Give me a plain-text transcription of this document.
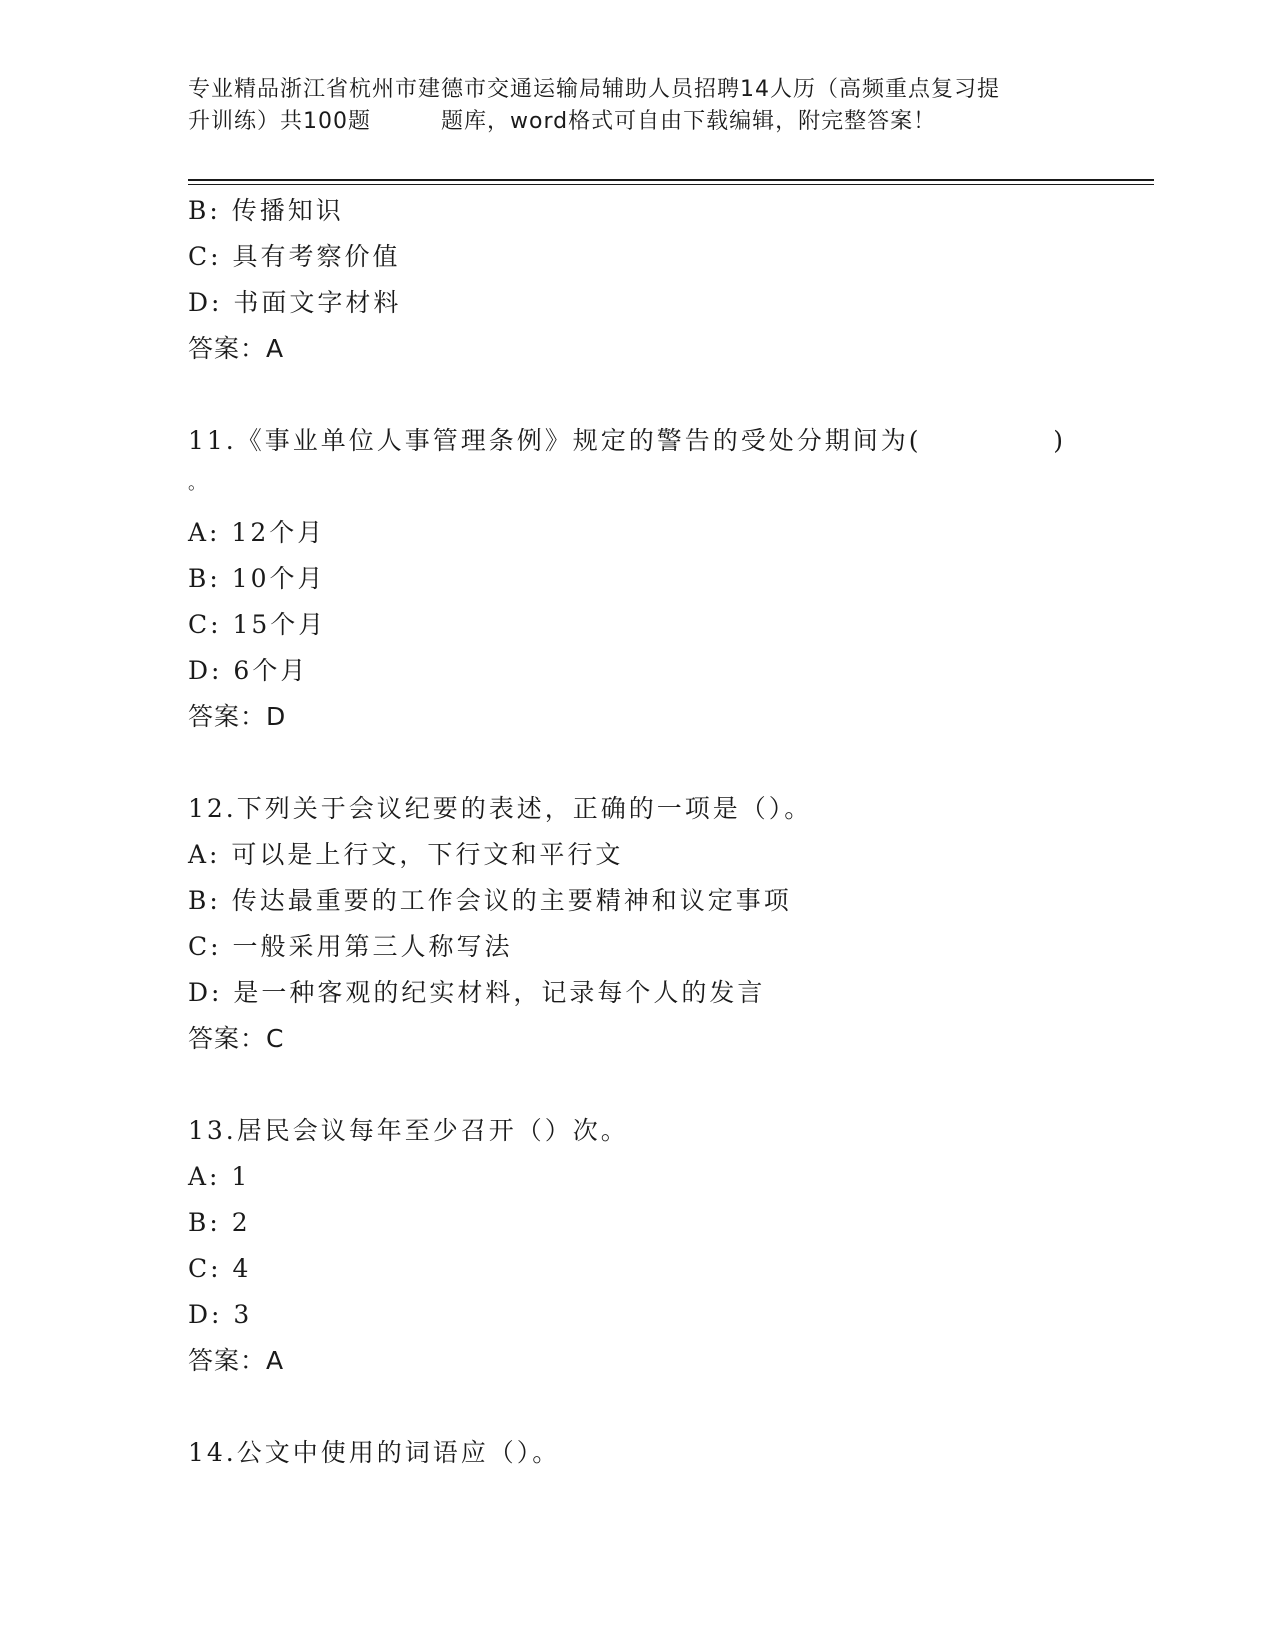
专业精品浙江省杭州市建德市交通运输局辅助人员招聘14人历（高频重点复习提
升训练）共100题	题库，word格式可自由下载编辑，附完整答案！
B: 传播知识
C: 具有考察价值
D: 书面文字材料
答案：A
11.《事业单位人事管理条例》规定的警告的受处分期间为(	)
。
A: 12个月
B: 10个月
C: 15个月
D: 6个月
答案：D
12.下列关于会议纪要的表述，正确的一项是（）。
A: 可以是上行文，下行文和平行文
B: 传达最重要的工作会议的主要精神和议定事项
C: 一般采用第三人称写法
D: 是一种客观的纪实材料，记录每个人的发言
答案：C
13.居民会议每年至少召开（）次。
A: 1
B: 2
C: 4
D: 3
答案：A
14.公文中使用的词语应（）。
